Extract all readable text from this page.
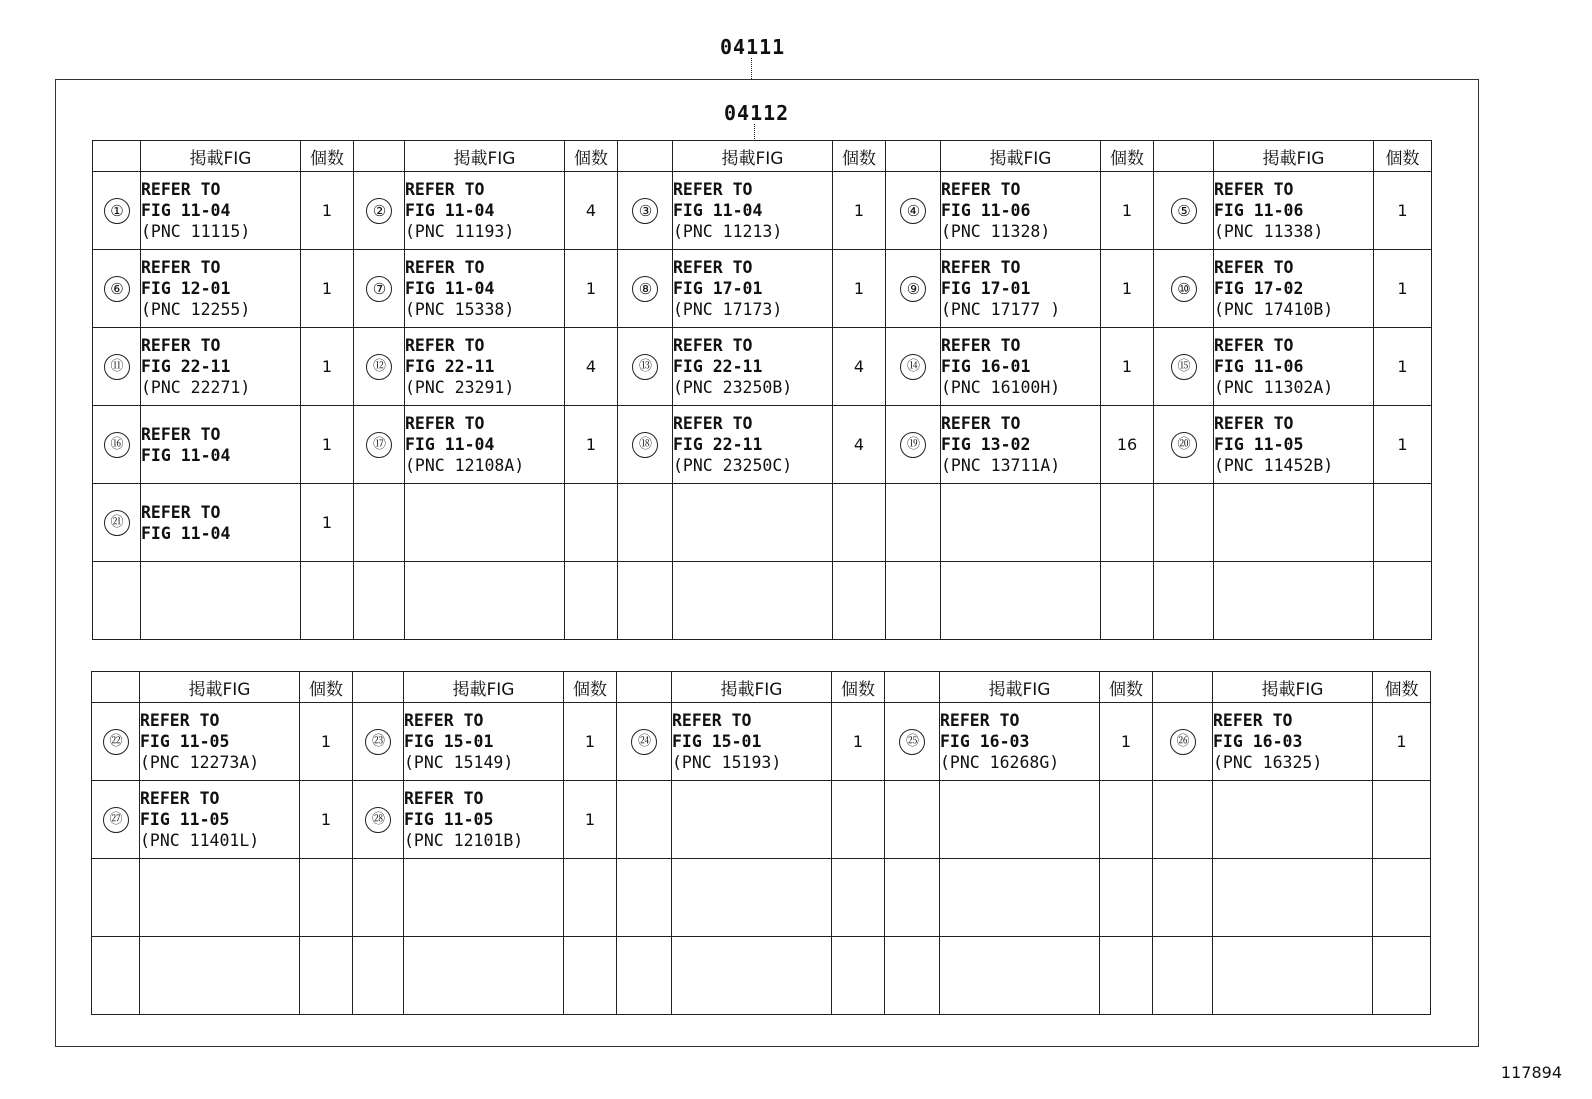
04111
04112
	掲載FIG	個数		掲載FIG	個数		掲載FIG	個数		掲載FIG	個数		掲載FIG	個数
①	REFER TO
FIG 11-04
(PNC 11115)	1	②	REFER TO
FIG 11-04
(PNC 11193)	4	③	REFER TO
FIG 11-04
(PNC 11213)	1	④	REFER TO
FIG 11-06
(PNC 11328)	1	⑤	REFER TO
FIG 11-06
(PNC 11338)	1
⑥	REFER TO
FIG 12-01
(PNC 12255)	1	⑦	REFER TO
FIG 11-04
(PNC 15338)	1	⑧	REFER TO
FIG 17-01
(PNC 17173)	1	⑨	REFER TO
FIG 17-01
(PNC 17177 )	1	⑩	REFER TO
FIG 17-02
(PNC 17410B)	1
⑪	REFER TO
FIG 22-11
(PNC 22271)	1	⑫	REFER TO
FIG 22-11
(PNC 23291)	4	⑬	REFER TO
FIG 22-11
(PNC 23250B)	4	⑭	REFER TO
FIG 16-01
(PNC 16100H)	1	⑮	REFER TO
FIG 11-06
(PNC 11302A)	1
⑯	REFER TO
FIG 11-04	1	⑰	REFER TO
FIG 11-04
(PNC 12108A)	1	⑱	REFER TO
FIG 22-11
(PNC 23250C)	4	⑲	REFER TO
FIG 13-02
(PNC 13711A)	16	⑳	REFER TO
FIG 11-05
(PNC 11452B)	1
㉑	REFER TO
FIG 11-04	1		

	掲載FIG	個数		掲載FIG	個数		掲載FIG	個数		掲載FIG	個数		掲載FIG	個数
㉒	REFER TO
FIG 11-05
(PNC 12273A)	1	㉓	REFER TO
FIG 15-01
(PNC 15149)	1	㉔	REFER TO
FIG 15-01
(PNC 15193)	1	㉕	REFER TO
FIG 16-03
(PNC 16268G)	1	㉖	REFER TO
FIG 16-03
(PNC 16325)	1
㉗	REFER TO
FIG 11-05
(PNC 11401L)	1	㉘	REFER TO
FIG 11-05
(PNC 12101B)	1		

117894
